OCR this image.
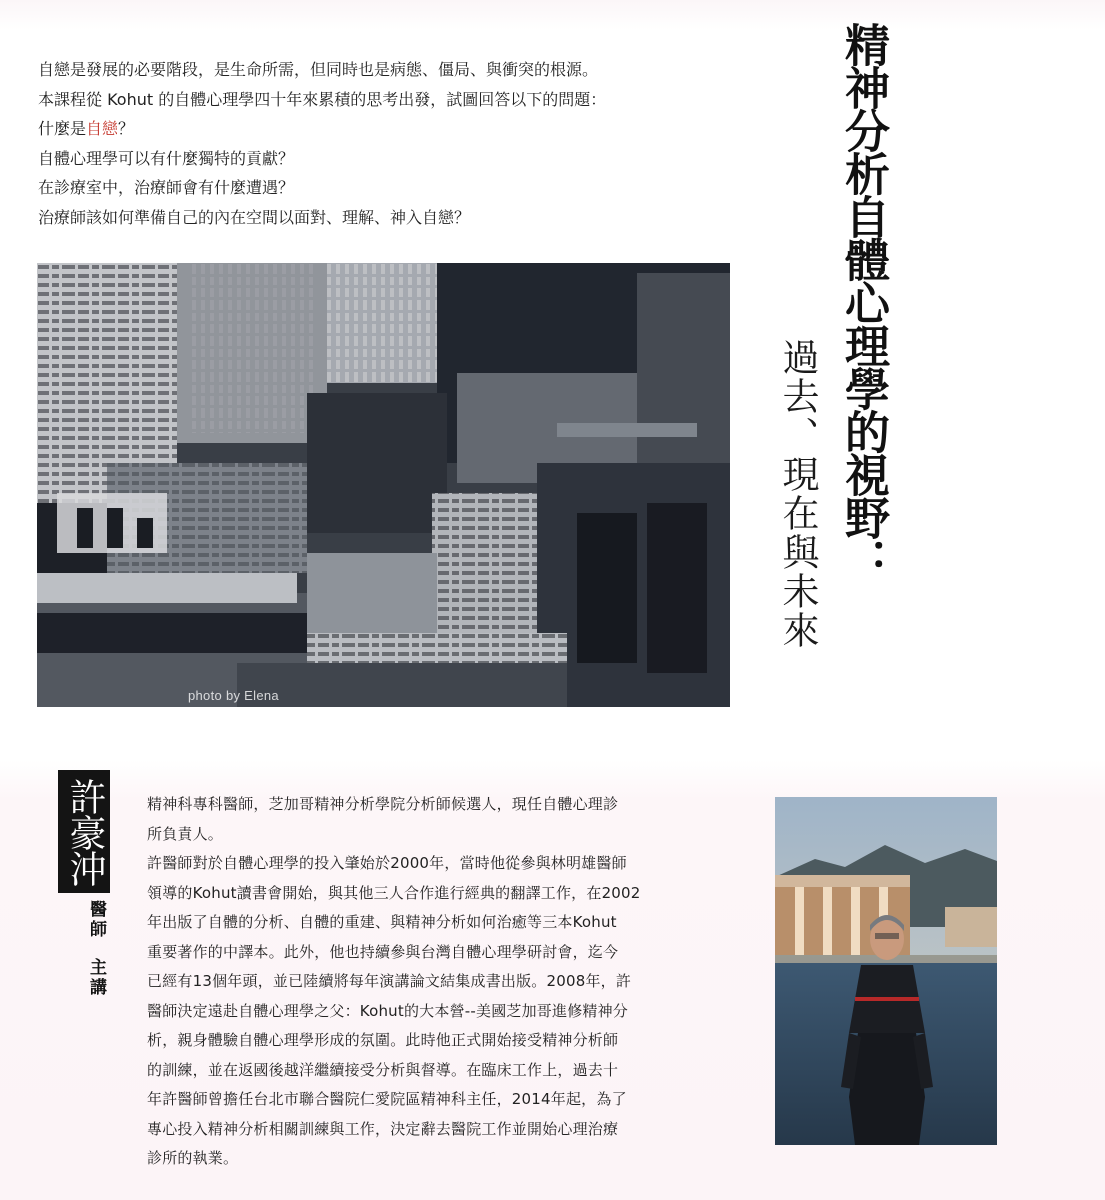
自戀是發展的必要階段，是生命所需，但同時也是病態、僵局、與衝突的根源。
本課程從 Kohut 的自體心理學四十年來累積的思考出發，試圖回答以下的問題：
什麼是自戀？
自體心理學可以有什麼獨特的貢獻？
在診療室中，治療師會有什麼遭遇？
治療師該如何準備自己的內在空間以面對、理解、神入自戀？
photo by Elena
精神分析自體心理學的視野：
過去、現在與未來
許豪沖
醫師
主講
精神科專科醫師，芝加哥精神分析學院分析師候選人，現任自體心理診
所負責人。
許醫師對於自體心理學的投入肇始於2000年，當時他從參與林明雄醫師
領導的Kohut讀書會開始，與其他三人合作進行經典的翻譯工作，在2002
年出版了自體的分析、自體的重建、與精神分析如何治癒等三本Kohut
重要著作的中譯本。此外，他也持續參與台灣自體心理學研討會，迄今
已經有13個年頭，並已陸續將每年演講論文結集成書出版。2008年，許
醫師決定遠赴自體心理學之父：Kohut的大本營--美國芝加哥進修精神分
析，親身體驗自體心理學形成的氛圍。此時他正式開始接受精神分析師
的訓練，並在返國後越洋繼續接受分析與督導。在臨床工作上，過去十
年許醫師曾擔任台北市聯合醫院仁愛院區精神科主任，2014年起，為了
專心投入精神分析相關訓練與工作，決定辭去醫院工作並開始心理治療
診所的執業。
